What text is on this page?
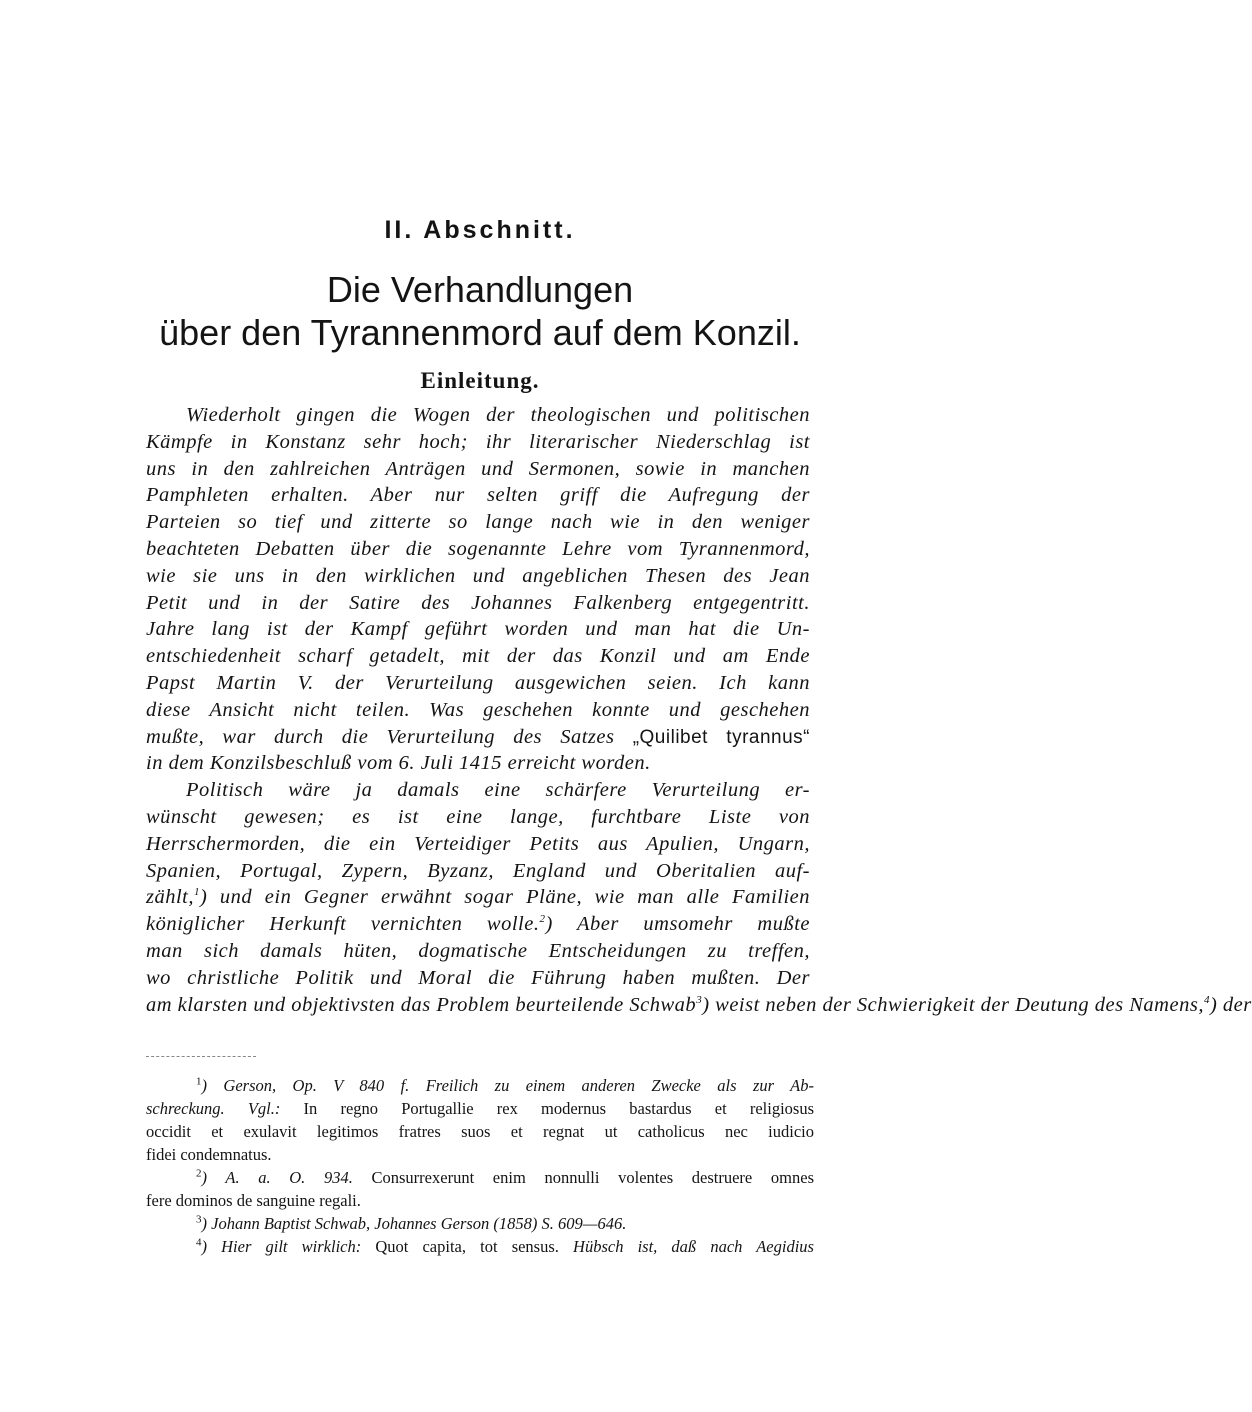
II. Abschnitt.
Die Verhandlungen
über den Tyrannenmord auf dem Konzil.
Einleitung.
Wiederholt gingen die Wogen der theologischen und politischen
Kämpfe in Konstanz sehr hoch; ihr literarischer Niederschlag ist
uns in den zahlreichen Anträgen und Sermonen, sowie in manchen
Pamphleten erhalten. Aber nur selten griff die Aufregung der
Parteien so tief und zitterte so lange nach wie in den weniger
beachteten Debatten über die sogenannte Lehre vom Tyrannenmord,
wie sie uns in den wirklichen und angeblichen Thesen des Jean
Petit und in der Satire des Johannes Falkenberg entgegentritt.
Jahre lang ist der Kampf geführt worden und man hat die Un-
entschiedenheit scharf getadelt, mit der das Konzil und am Ende
Papst Martin V. der Verurteilung ausgewichen seien. Ich kann
diese Ansicht nicht teilen. Was geschehen konnte und geschehen
mußte, war durch die Verurteilung des Satzes „Quilibet tyrannus“
in dem Konzilsbeschluß vom 6. Juli 1415 erreicht worden.
Politisch wäre ja damals eine schärfere Verurteilung er-
wünscht gewesen; es ist eine lange, furchtbare Liste von
Herrschermorden, die ein Verteidiger Petits aus Apulien, Ungarn,
Spanien, Portugal, Zypern, Byzanz, England und Oberitalien auf-
zählt,$^1$) und ein Gegner erwähnt sogar Pläne, wie man alle Familien
königlicher Herkunft vernichten wolle.$^2$) Aber umsomehr mußte
man sich damals hüten, dogmatische Entscheidungen zu treffen,
wo christliche Politik und Moral die Führung haben mußten. Der
am klarsten und objektivsten das Problem beurteilende Schwab$^3$) weist neben der Schwierigkeit der Deutung des Namens,$^4$) der
$^1$) Gerson, Op. V 840 f. Freilich zu einem anderen Zwecke als zur Ab-
schreckung. Vgl.: In regno Portugallie rex modernus bastardus et religiosus
occidit et exulavit legitimos fratres suos et regnat ut catholicus nec iudicio
fidei condemnatus.
$^2$) A. a. O. 934. Consurrexerunt enim nonnulli volentes destruere omnes
fere dominos de sanguine regali.
$^3$) Johann Baptist Schwab, Johannes Gerson (1858) S. 609—646.
$^4$) Hier gilt wirklich: Quot capita, tot sensus. Hübsch ist, daß nach Aegidius
